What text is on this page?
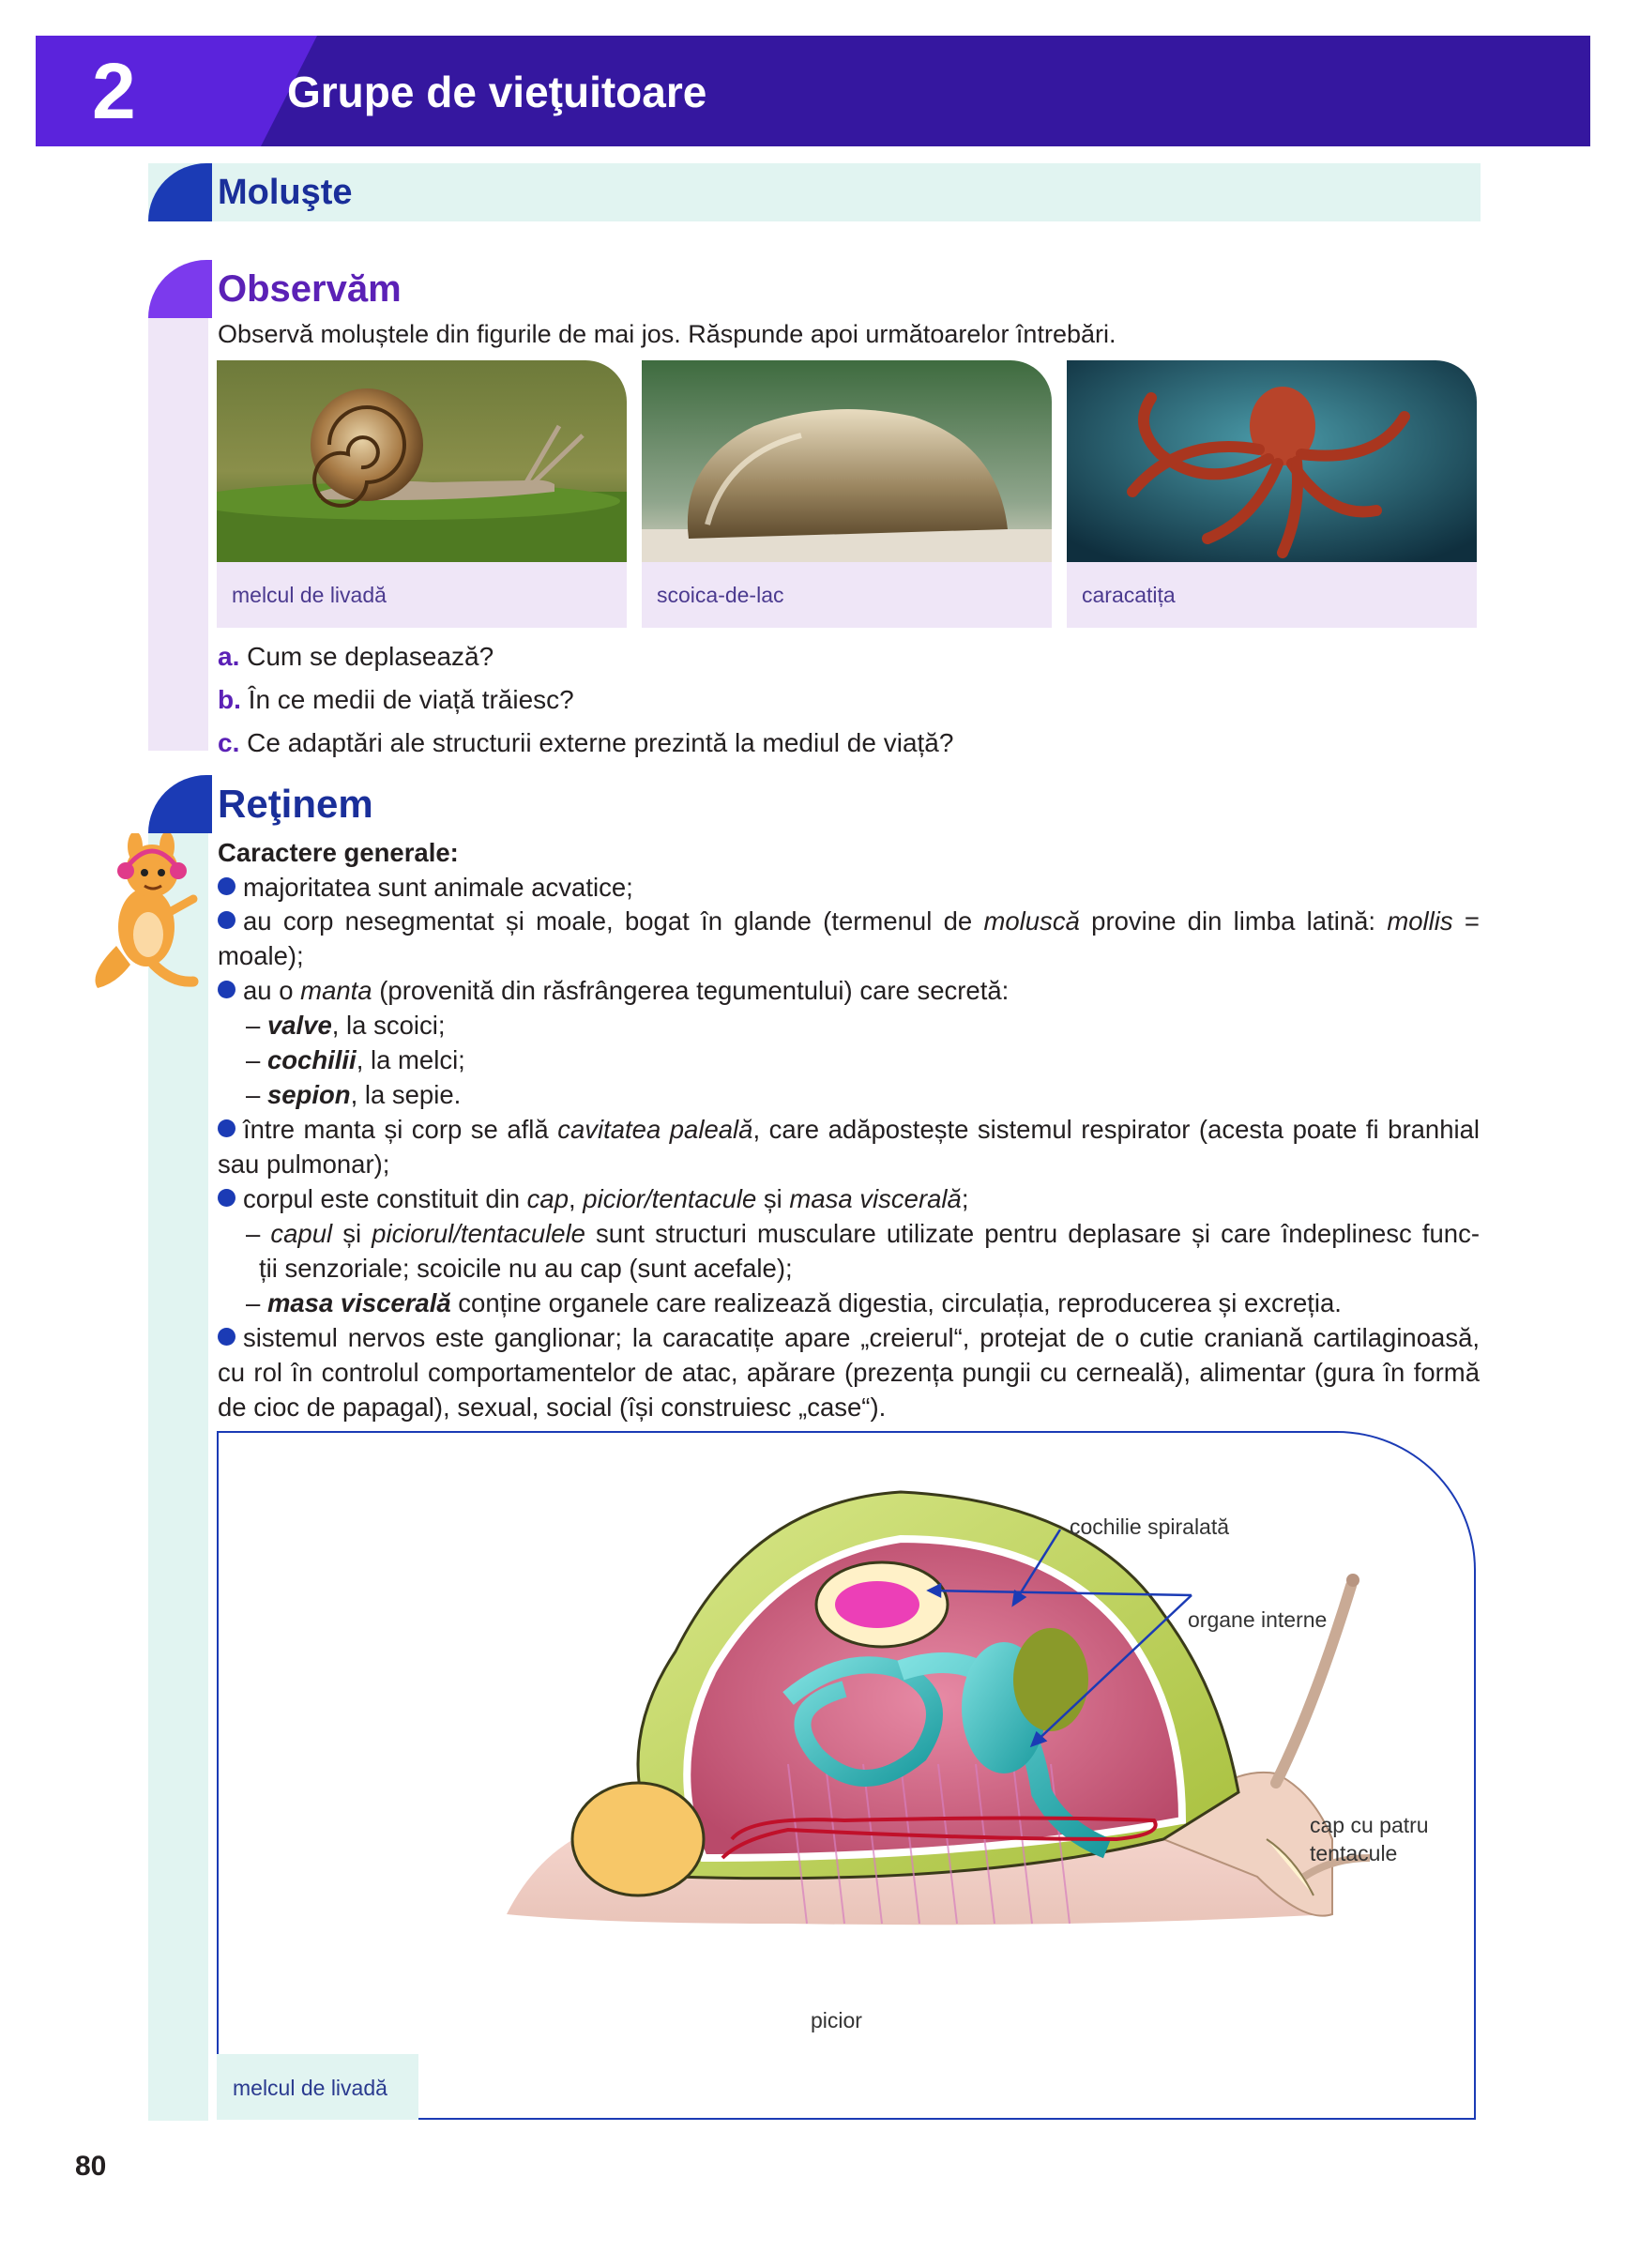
2	Grupe de vieţuitoare
Moluşte
Observăm
Observă moluștele din figurile de mai jos. Răspunde apoi următoarelor întrebări.
melcul de livadă	scoica-de-lac	caracatița
a. Cum se deplasează?
b. În ce medii de viață trăiesc?
c. Ce adaptări ale structurii externe prezintă la mediul de viață?
Reţinem
Caractere generale:
majoritatea sunt animale acvatice;
au corp nesegmentat și moale, bogat în glande (termenul de moluscă provine din limba latină: mollis =
moale);
au o manta (provenită din răsfrângerea tegumentului) care secretă:
– valve, la scoici;
– cochilii, la melci;
– sepion, la sepie.
între manta și corp se află cavitatea paleală, care adăpostește sistemul respirator (acesta poate fi branhial
sau pulmonar);
corpul este constituit din cap, picior/tentacule și masa viscerală;
– capul și piciorul/tentaculele sunt structuri musculare utilizate pentru deplasare și care îndeplinesc func-
ții senzoriale; scoicile nu au cap (sunt acefale);
– masa viscerală conține organele care realizează digestia, circulația, reproducerea și excreția.
sistemul nervos este ganglionar; la caracatițe apare „creierul“, protejat de o cutie craniană cartilaginoasă,
cu rol în controlul comportamentelor de atac, apărare (prezența pungii cu cerneală), alimentar (gura în formă
de cioc de papagal), sexual, social (își construiesc „case“).
melcul de livadă
cochilie spiralată
organe interne
cap cu patru
tentacule
picior
80
